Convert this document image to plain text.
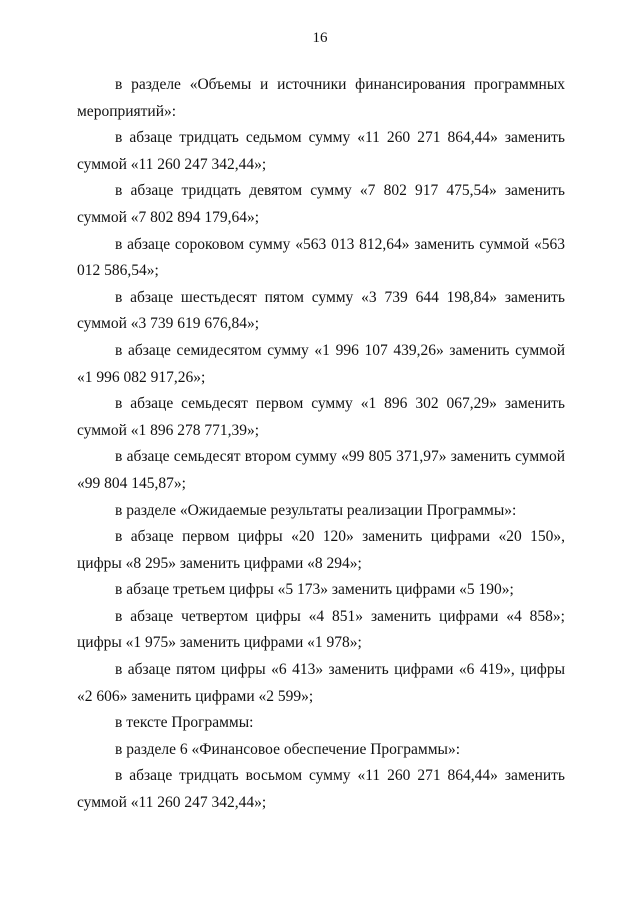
16

в разделе «Объемы и источники финансирования программных мероприятий»:

в абзаце тридцать седьмом сумму «11 260 271 864,44» заменить суммой «11 260 247 342,44»;

в абзаце тридцать девятом сумму «7 802 917 475,54» заменить суммой «7 802 894 179,64»;

в абзаце сороковом сумму «563 013 812,64» заменить суммой «563 012 586,54»;

в абзаце шестьдесят пятом сумму «3 739 644 198,84» заменить суммой «3 739 619 676,84»;

в абзаце семидесятом сумму «1 996 107 439,26» заменить суммой «1 996 082 917,26»;

в абзаце семьдесят первом сумму «1 896 302 067,29» заменить суммой «1 896 278 771,39»;

в абзаце семьдесят втором сумму «99 805 371,97» заменить суммой «99 804 145,87»;

в разделе «Ожидаемые результаты реализации Программы»:

в абзаце первом цифры «20 120» заменить цифрами «20 150», цифры «8 295» заменить цифрами «8 294»;

в абзаце третьем цифры «5 173» заменить цифрами «5 190»;

в абзаце четвертом цифры «4 851» заменить цифрами «4 858»; цифры «1 975» заменить цифрами «1 978»;

в абзаце пятом цифры «6 413» заменить цифрами «6 419», цифры «2 606» заменить цифрами «2 599»;

в тексте Программы:

в разделе 6 «Финансовое обеспечение Программы»:

в абзаце тридцать восьмом сумму «11 260 271 864,44» заменить суммой «11 260 247 342,44»;
